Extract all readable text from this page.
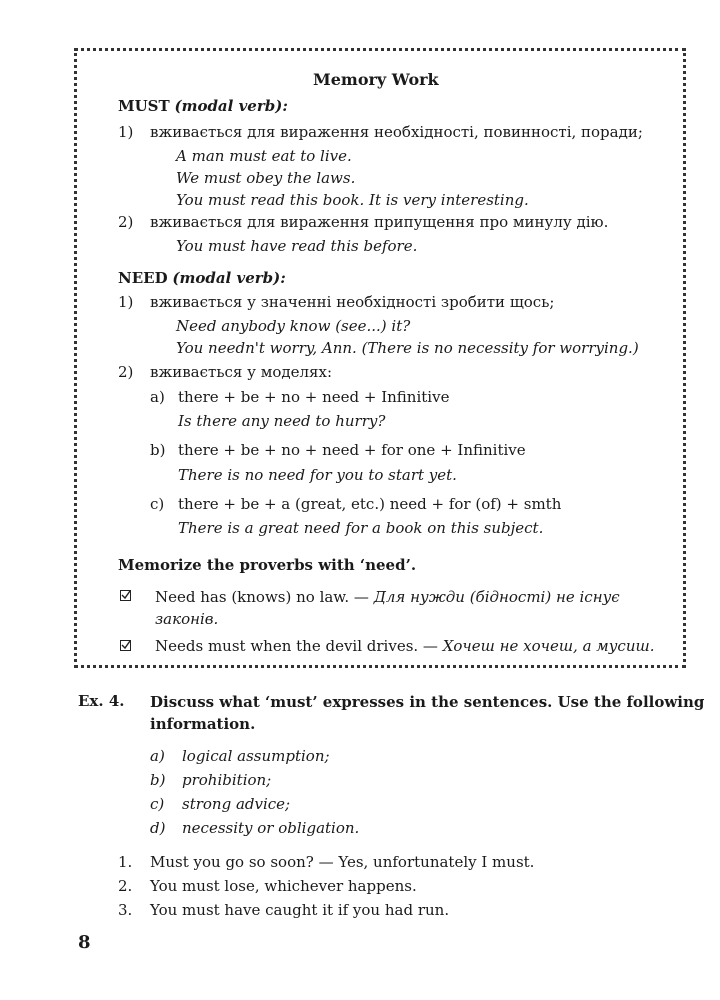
Memory Work
MUST (modal verb):
1) вживається для вираження необхідності, повинності, поради;
A man must eat to live.
We must obey the laws.
You must read this book. It is very interesting.
2) вживається для вираження припущення про минулу дію.
You must have read this before.
NEED (modal verb):
1) вживається у значенні необхідності зробити щось;
Need anybody know (see...) it?
You needn't worry, Ann. (There is no necessity for worrying.)
2) вживається у моделях:
a) there + be + no + need + Infinitive
Is there any need to hurry?
b) there + be + no + need + for one + Infinitive
There is no need for you to start yet.
c) there + be + a (great, etc.) need + for (of) + smth
There is a great need for a book on this subject.
Memorize the proverbs with ‘need’.
Need has (knows) no law. — Для нужди (бідності) не існує
законів.
Needs must when the devil drives. — Хочеш не хочеш, а мусиш.
Ex. 4. Discuss what ‘must’ expresses in the sentences. Use the following
information.
a) logical assumption;
b) prohibition;
c) strong advice;
d) necessity or obligation.
1. Must you go so soon? — Yes, unfortunately I must.
2. You must lose, whichever happens.
3. You must have caught it if you had run.
8
